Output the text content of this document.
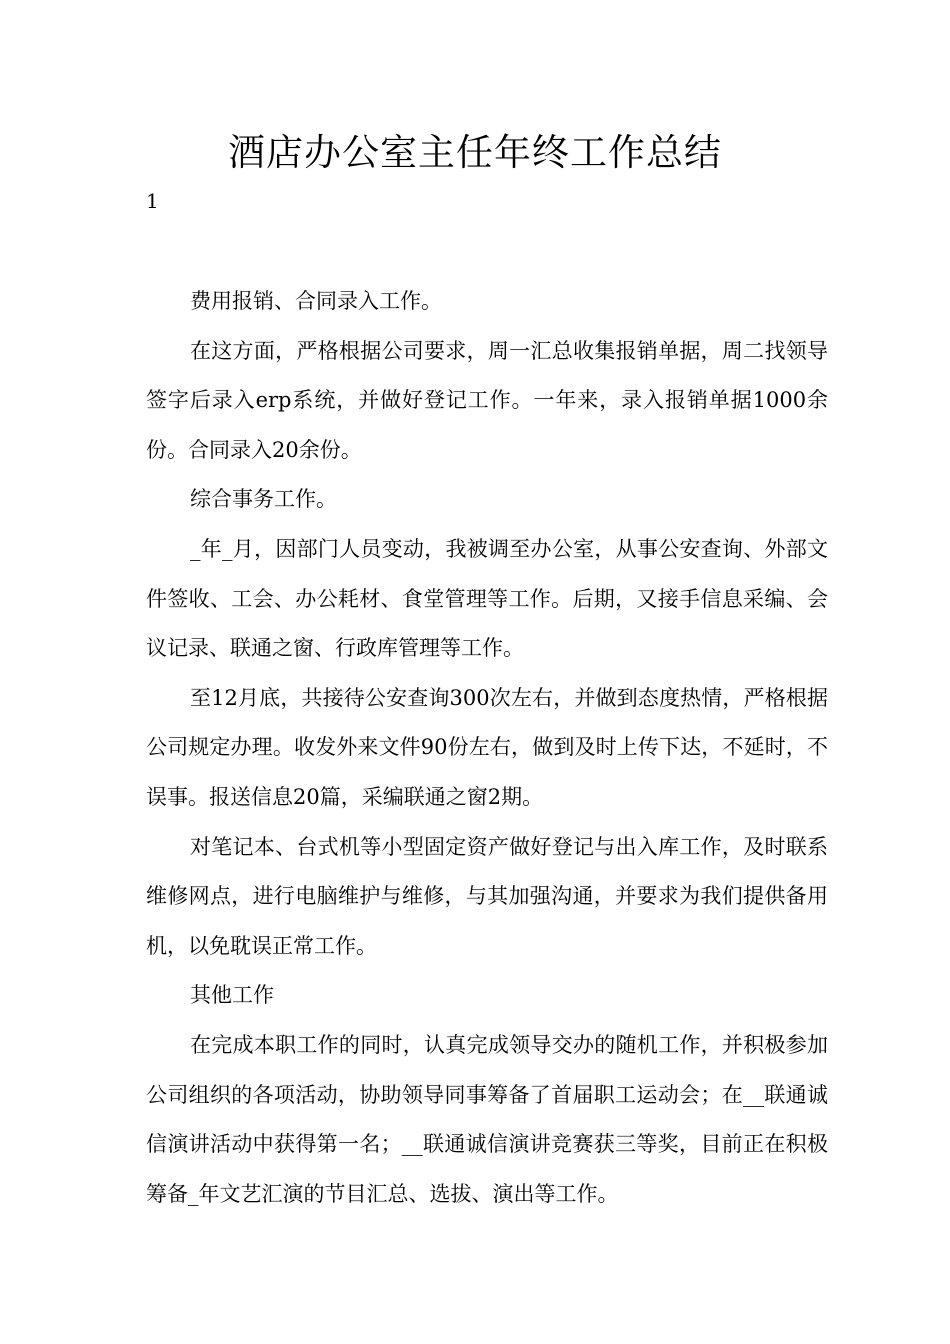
酒店办公室主任年终工作总结
1

费用报销、合同录入工作。

在这方面，严格根据公司要求，周一汇总收集报销单据，周二找领导签字后录入erp系统，并做好登记工作。一年来，录入报销单据1000余份。合同录入20余份。

综合事务工作。

_年_月，因部门人员变动，我被调至办公室，从事公安查询、外部文件签收、工会、办公耗材、食堂管理等工作。后期，又接手信息采编、会议记录、联通之窗、行政库管理等工作。

至12月底，共接待公安查询300次左右，并做到态度热情，严格根据公司规定办理。收发外来文件90份左右，做到及时上传下达，不延时，不误事。报送信息20篇，采编联通之窗2期。

对笔记本、台式机等小型固定资产做好登记与出入库工作，及时联系维修网点，进行电脑维护与维修，与其加强沟通，并要求为我们提供备用机，以免耽误正常工作。

其他工作

在完成本职工作的同时，认真完成领导交办的随机工作，并积极参加公司组织的各项活动，协助领导同事筹备了首届职工运动会；在__联通诚信演讲活动中获得第一名；__联通诚信演讲竞赛获三等奖，目前正在积极筹备_年文艺汇演的节目汇总、选拔、演出等工作。
